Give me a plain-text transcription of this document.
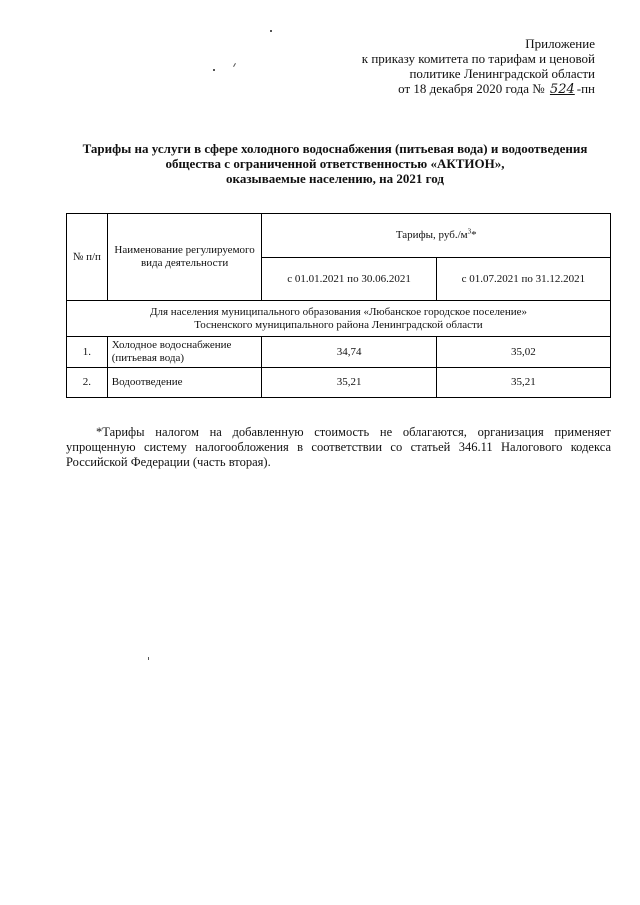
Приложение
к приказу комитета по тарифам и ценовой
политике Ленинградской области
от 18 декабря 2020 года № 524 -пн
Тарифы на услуги в сфере холодного водоснабжения (питьевая вода) и водоотведения
общества с ограниченной ответственностью «АКТИОН»,
оказываемые населению, на 2021 год
№ п/п	Наименование регулируемого вида деятельности	Тарифы, $руб./м^3*$	
		с 01.01.2021 по 30.06.2021	с 01.07.2021 по 31.12.2021

Для населения муниципального образования «Любанское городское поселение»
Тосненского муниципального района Ленинградской области			

1.	Холодное водоснабжение (питьевая вода)	34,74	35,02
2.	Водоотведение	35,21	35,21
*Тарифы налогом на добавленную стоимость не облагаются, организация применяет упрощенную систему налогообложения в соответствии со статьей 346.11 Налогового кодекса Российской Федерации (часть вторая).
